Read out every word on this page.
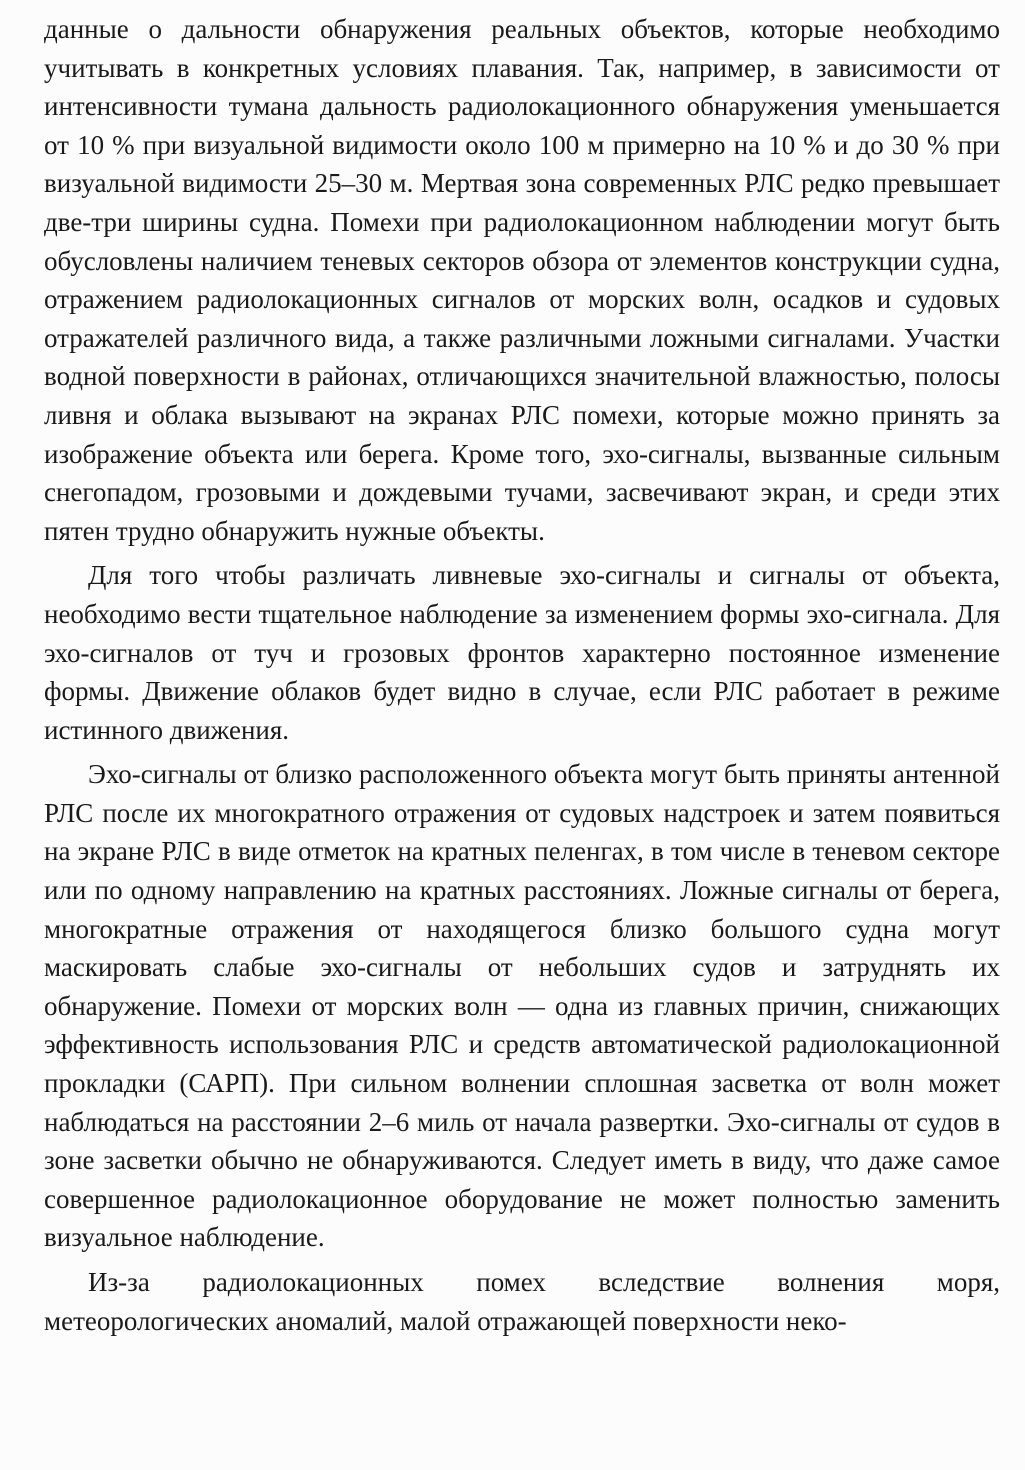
данные о дальности обнаружения реальных объектов, которые необходимо учитывать в конкретных условиях плавания. Так, например, в зависимости от интенсивности тумана дальность радиолокационного обнаружения уменьшается от 10 % при визуальной видимости около 100 м примерно на 10 % и до 30 % при визуальной видимости 25–30 м. Мертвая зона современных РЛС редко превышает две-три ширины судна. Помехи при радиолокационном наблюдении могут быть обусловлены наличием теневых секторов обзора от элементов конструкции судна, отражением радиолокационных сигналов от морских волн, осадков и судовых отражателей различного вида, а также различными ложными сигналами. Участки водной поверхности в районах, отличающихся значительной влажностью, полосы ливня и облака вызывают на экранах РЛС помехи, которые можно принять за изображение объекта или берега. Кроме того, эхо-сигналы, вызванные сильным снегопадом, грозовыми и дождевыми тучами, засвечивают экран, и среди этих пятен трудно обнаружить нужные объекты.

Для того чтобы различать ливневые эхо-сигналы и сигналы от объекта, необходимо вести тщательное наблюдение за изменением формы эхо-сигнала. Для эхо-сигналов от туч и грозовых фронтов характерно постоянное изменение формы. Движение облаков будет видно в случае, если РЛС работает в режиме истинного движения.

Эхо-сигналы от близко расположенного объекта могут быть приняты антенной РЛС после их многократного отражения от судовых надстроек и затем появиться на экране РЛС в виде отметок на кратных пеленгах, в том числе в теневом секторе или по одному направлению на кратных расстояниях. Ложные сигналы от берега, многократные отражения от находящегося близко большого судна могут маскировать слабые эхо-сигналы от небольших судов и затруднять их обнаружение. Помехи от морских волн — одна из главных причин, снижающих эффективность использования РЛС и средств автоматической радиолокационной прокладки (САРП). При сильном волнении сплошная засветка от волн может наблюдаться на расстоянии 2–6 миль от начала развертки. Эхо-сигналы от судов в зоне засветки обычно не обнаруживаются. Следует иметь в виду, что даже самое совершенное радиолокационное оборудование не может полностью заменить визуальное наблюдение.

Из-за радиолокационных помех вследствие волнения моря, метеорологических аномалий, малой отражающей поверхности неко-
